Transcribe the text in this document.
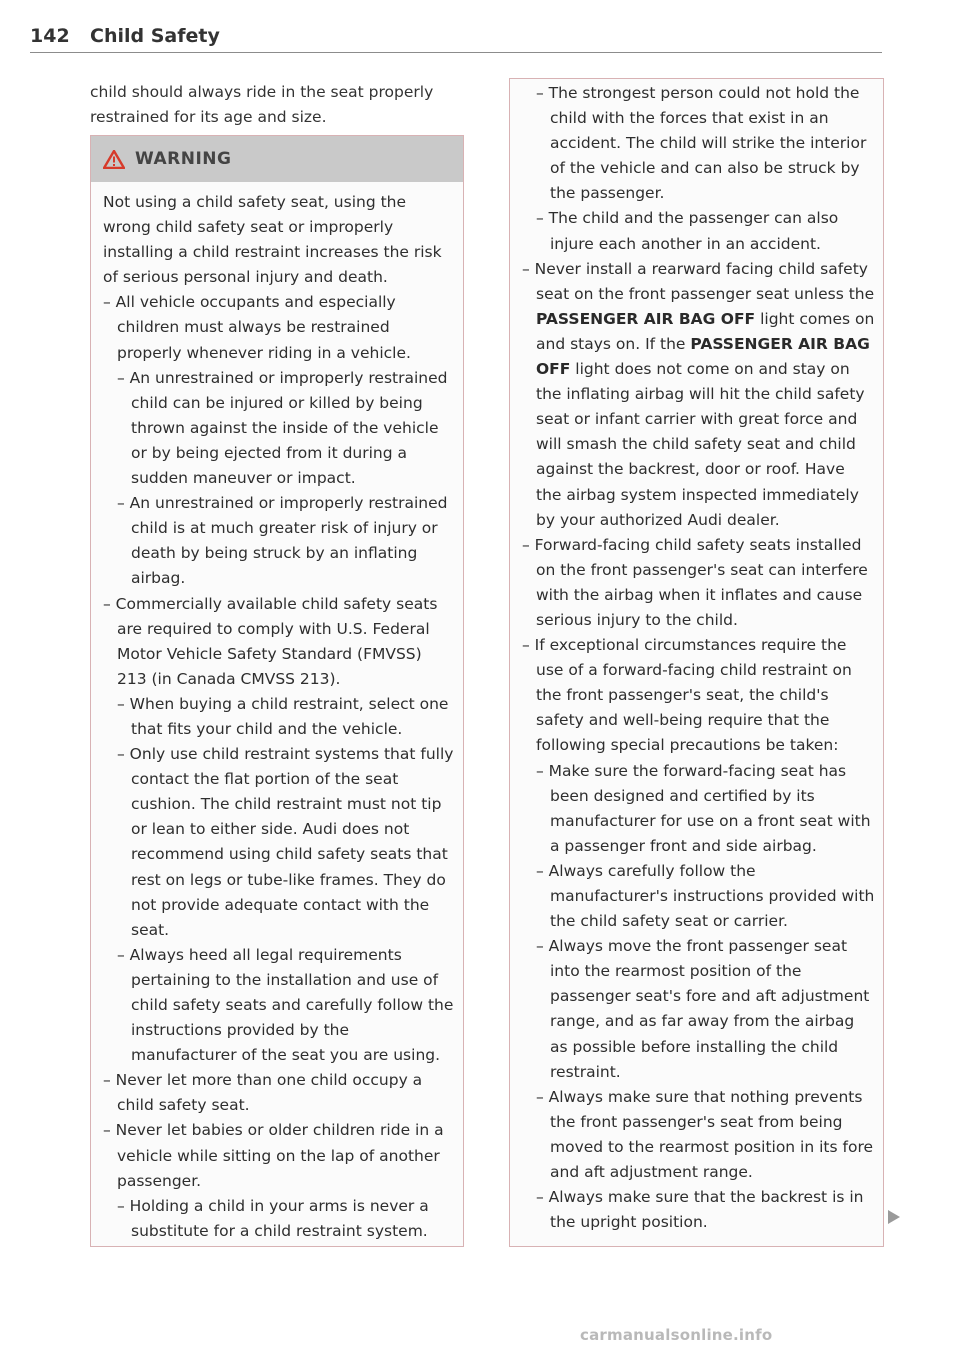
142 Child Safety

child should always ride in the seat properly restrained for its age and size.

WARNING

Not using a child safety seat, using the wrong child safety seat or improperly installing a child restraint increases the risk of serious personal injury and death.

– All vehicle occupants and especially children must always be restrained properly whenever riding in a vehicle.

– An unrestrained or improperly restrained child can be injured or killed by being thrown against the inside of the vehicle or by being ejected from it during a sudden maneuver or impact.

– An unrestrained or improperly restrained child is at much greater risk of injury or death by being struck by an inflating airbag.

– Commercially available child safety seats are required to comply with U.S. Federal Motor Vehicle Safety Standard (FMVSS) 213 (in Canada CMVSS 213).

– When buying a child restraint, select one that fits your child and the vehicle.

– Only use child restraint systems that fully contact the flat portion of the seat cushion. The child restraint must not tip or lean to either side. Audi does not recommend using child safety seats that rest on legs or tube-like frames. They do not provide adequate contact with the seat.

– Always heed all legal requirements pertaining to the installation and use of child safety seats and carefully follow the instructions provided by the manufacturer of the seat you are using.

– Never let more than one child occupy a child safety seat.

– Never let babies or older children ride in a vehicle while sitting on the lap of another passenger.

– Holding a child in your arms is never a substitute for a child restraint system.

– The strongest person could not hold the child with the forces that exist in an accident. The child will strike the interior of the vehicle and can also be struck by the passenger.

– The child and the passenger can also injure each another in an accident.

– Never install a rearward facing child safety seat on the front passenger seat unless the PASSENGER AIR BAG OFF light comes on and stays on. If the PASSENGER AIR BAG OFF light does not come on and stay on the inflating airbag will hit the child safety seat or infant carrier with great force and will smash the child safety seat and child against the backrest, door or roof. Have the airbag system inspected immediately by your authorized Audi dealer.

– Forward-facing child safety seats installed on the front passenger's seat can interfere with the airbag when it inflates and cause serious injury to the child.

– If exceptional circumstances require the use of a forward-facing child restraint on the front passenger's seat, the child's safety and well-being require that the following special precautions be taken:

– Make sure the forward-facing seat has been designed and certified by its manufacturer for use on a front seat with a passenger front and side airbag.

– Always carefully follow the manufacturer's instructions provided with the child safety seat or carrier.

– Always move the front passenger seat into the rearmost position of the passenger seat's fore and aft adjustment range, and as far away from the airbag as possible before installing the child restraint.

– Always make sure that nothing prevents the front passenger's seat from being moved to the rearmost position in its fore and aft adjustment range.

– Always make sure that the backrest is in the upright position.

carmanualsonline.info
